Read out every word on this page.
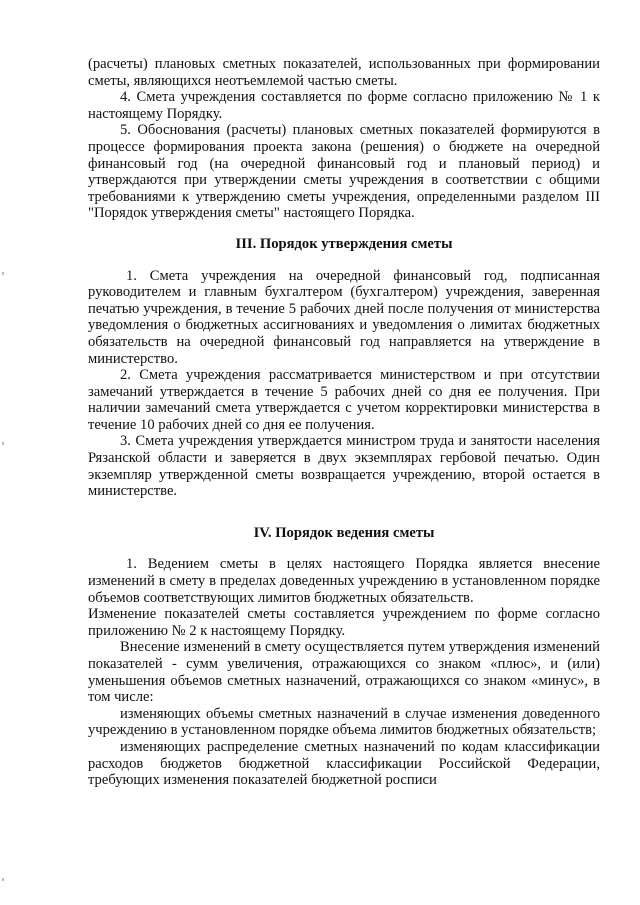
(расчеты) плановых сметных показателей, использованных при формировании сметы, являющихся неотъемлемой частью сметы.

4. Смета учреждения составляется по форме согласно приложению № 1 к настоящему Порядку.

5. Обоснования (расчеты) плановых сметных показателей формируются в процессе формирования проекта закона (решения) о бюджете на очередной финансовый год (на очередной финансовый год и плановый период) и утверждаются при утверждении сметы учреждения в соответствии с общими требованиями к утверждению сметы учреждения, определенными разделом III "Порядок утверждения сметы" настоящего Порядка.

III. Порядок утверждения сметы

1. Смета учреждения на очередной финансовый год, подписанная руководителем и главным бухгалтером (бухгалтером) учреждения, заверенная печатью учреждения, в течение 5 рабочих дней после получения от министерства уведомления о бюджетных ассигнованиях и уведомления о лимитах бюджетных обязательств на очередной финансовый год направляется на утверждение в министерство.

2. Смета учреждения рассматривается министерством и при отсутствии замечаний утверждается в течение 5 рабочих дней со дня ее получения. При наличии замечаний смета утверждается с учетом корректировки министерства в течение 10 рабочих дней со дня ее получения.

3. Смета учреждения утверждается министром труда и занятости населения Рязанской области и заверяется в двух экземплярах гербовой печатью. Один экземпляр утвержденной сметы возвращается учреждению, второй остается в министерстве.

IV. Порядок ведения сметы

1. Ведением сметы в целях настоящего Порядка является внесение изменений в смету в пределах доведенных учреждению в установленном порядке объемов соответствующих лимитов бюджетных обязательств.

Изменение показателей сметы составляется учреждением по форме согласно приложению № 2 к настоящему Порядку.

Внесение изменений в смету осуществляется путем утверждения изменений показателей - сумм увеличения, отражающихся со знаком «плюс», и (или) уменьшения объемов сметных назначений, отражающихся со знаком «минус», в том числе:

изменяющих объемы сметных назначений в случае изменения доведенного учреждению в установленном порядке объема лимитов бюджетных обязательств;

изменяющих распределение сметных назначений по кодам классификации расходов бюджетов бюджетной классификации Российской Федерации, требующих изменения показателей бюджетной росписи
